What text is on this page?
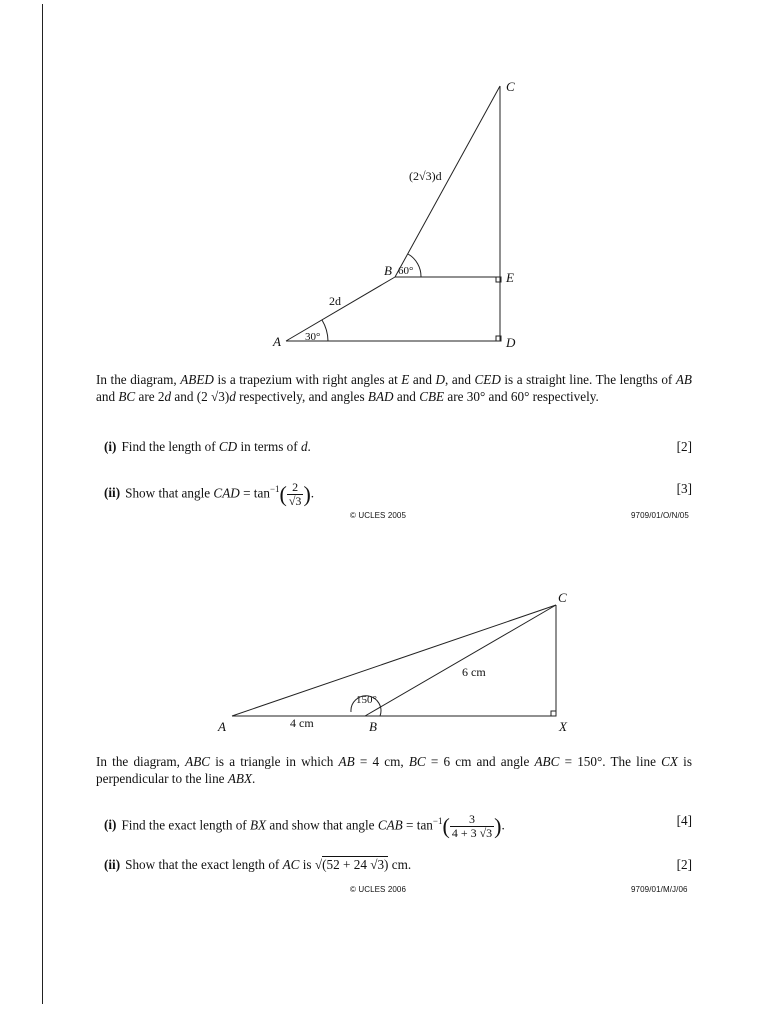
C
E
D
A
B 60°
30°
2d
(2√3)d
In the diagram, ABED is a trapezium with right angles at E and D, and CED is a straight line. The lengths of AB and BC are 2d and (2 √3)d respectively, and angles BAD and CBE are 30° and 60° respectively.
(i) Find the length of CD in terms of d.	[2]
(ii) Show that angle CAD = $\tan^{-1}( \frac{2}{√3}$ ).	[3]
© UCLES 2005	9709/01/O/N/05
C
A	B	X
4 cm
6 cm
150°
In the diagram, ABC is a triangle in which AB = 4 cm, BC = 6 cm and angle ABC = 150°. The line CX is perpendicular to the line ABX.
(i) Find the exact length of BX and show that angle CAB = $\tan^{-1}( \frac{3}{4 + 3 √3}$ ).	[4]
(ii) Show that the exact length of AC is √(52 + 24 √3) cm.	[2]
© UCLES 2006	9709/01/M/J/06
